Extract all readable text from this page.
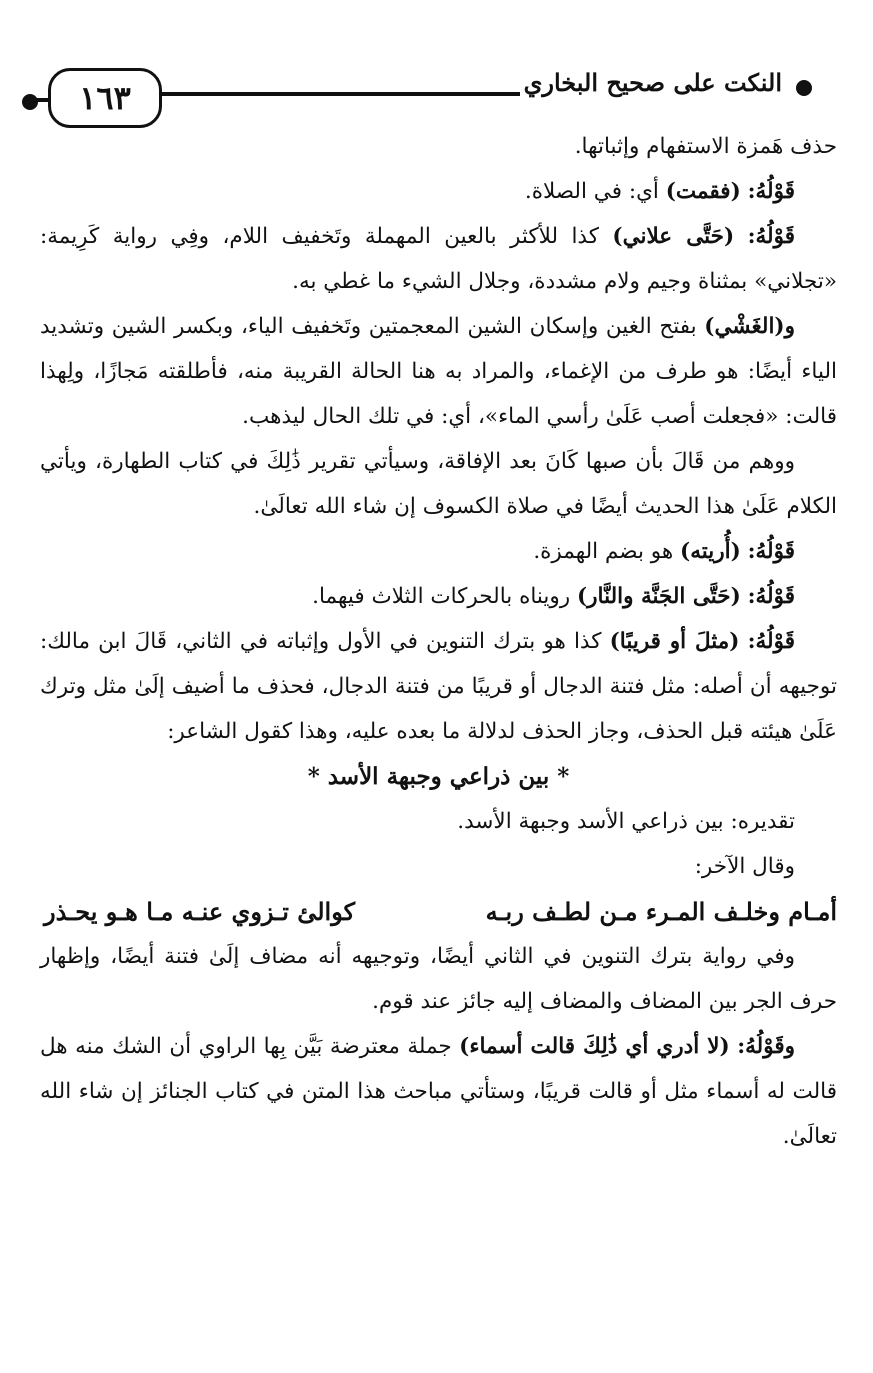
النكت على صحيح البخاري
١٦٣

حذف هَمزة الاستفهام وإثباتها.

قَوْلُهُ: (فقمت) أي: في الصلاة.

قَوْلُهُ: (حَتَّى علاني) كذا للأكثر بالعين المهملة وتَخفيف اللام، وفِي رواية كَرِيمة: «تجلاني» بمثناة وجيم ولام مشددة، وجلال الشيء ما غطي به.

و(الغَشْي) بفتح الغين وإسكان الشين المعجمتين وتَخفيف الياء، وبكسر الشين وتشديد الياء أيضًا: هو طرف من الإغماء، والمراد به هنا الحالة القريبة منه، فأطلقته مَجازًا، ولِهذا قالت: «فجعلت أصب عَلَىٰ رأسي الماء»، أي: في تلك الحال ليذهب.

ووهم من قَالَ بأن صبها كَانَ بعد الإفاقة، وسيأتي تقرير ذَٰلِكَ في كتاب الطهارة، ويأتي الكلام عَلَىٰ هذا الحديث أيضًا في صلاة الكسوف إن شاء الله تعالَىٰ.

قَوْلُهُ: (أُريته) هو بضم الهمزة.

قَوْلُهُ: (حَتَّى الجَنَّة والنَّار) رويناه بالحركات الثلاث فيهما.

قَوْلُهُ: (مثلَ أو قريبًا) كذا هو بترك التنوين في الأول وإثباته في الثاني، قَالَ ابن مالك: توجيهه أن أصله: مثل فتنة الدجال أو قريبًا من فتنة الدجال، فحذف ما أضيف إلَىٰ مثل وترك عَلَىٰ هيئته قبل الحذف، وجاز الحذف لدلالة ما بعده عليه، وهذا كقول الشاعر:

* بين ذراعي وجبهة الأسد *

تقديره: بين ذراعي الأسد وجبهة الأسد.

وقال الآخر:

أمـام وخلـف المـرء مـن لطـف ربـه
كوالئ تـزوي عنـه مـا هـو يحـذر

وفي رواية بترك التنوين في الثاني أيضًا، وتوجيهه أنه مضاف إلَىٰ فتنة أيضًا، وإظهار حرف الجر بين المضاف والمضاف إليه جائز عند قوم.

وقَوْلُهُ: (لا أدري أي ذَٰلِكَ قالت أسماء) جملة معترضة بَيَّن بِها الراوي أن الشك منه هل قالت له أسماء مثل أو قالت قريبًا، وستأتي مباحث هذا المتن في كتاب الجنائز إن شاء الله تعالَىٰ.
